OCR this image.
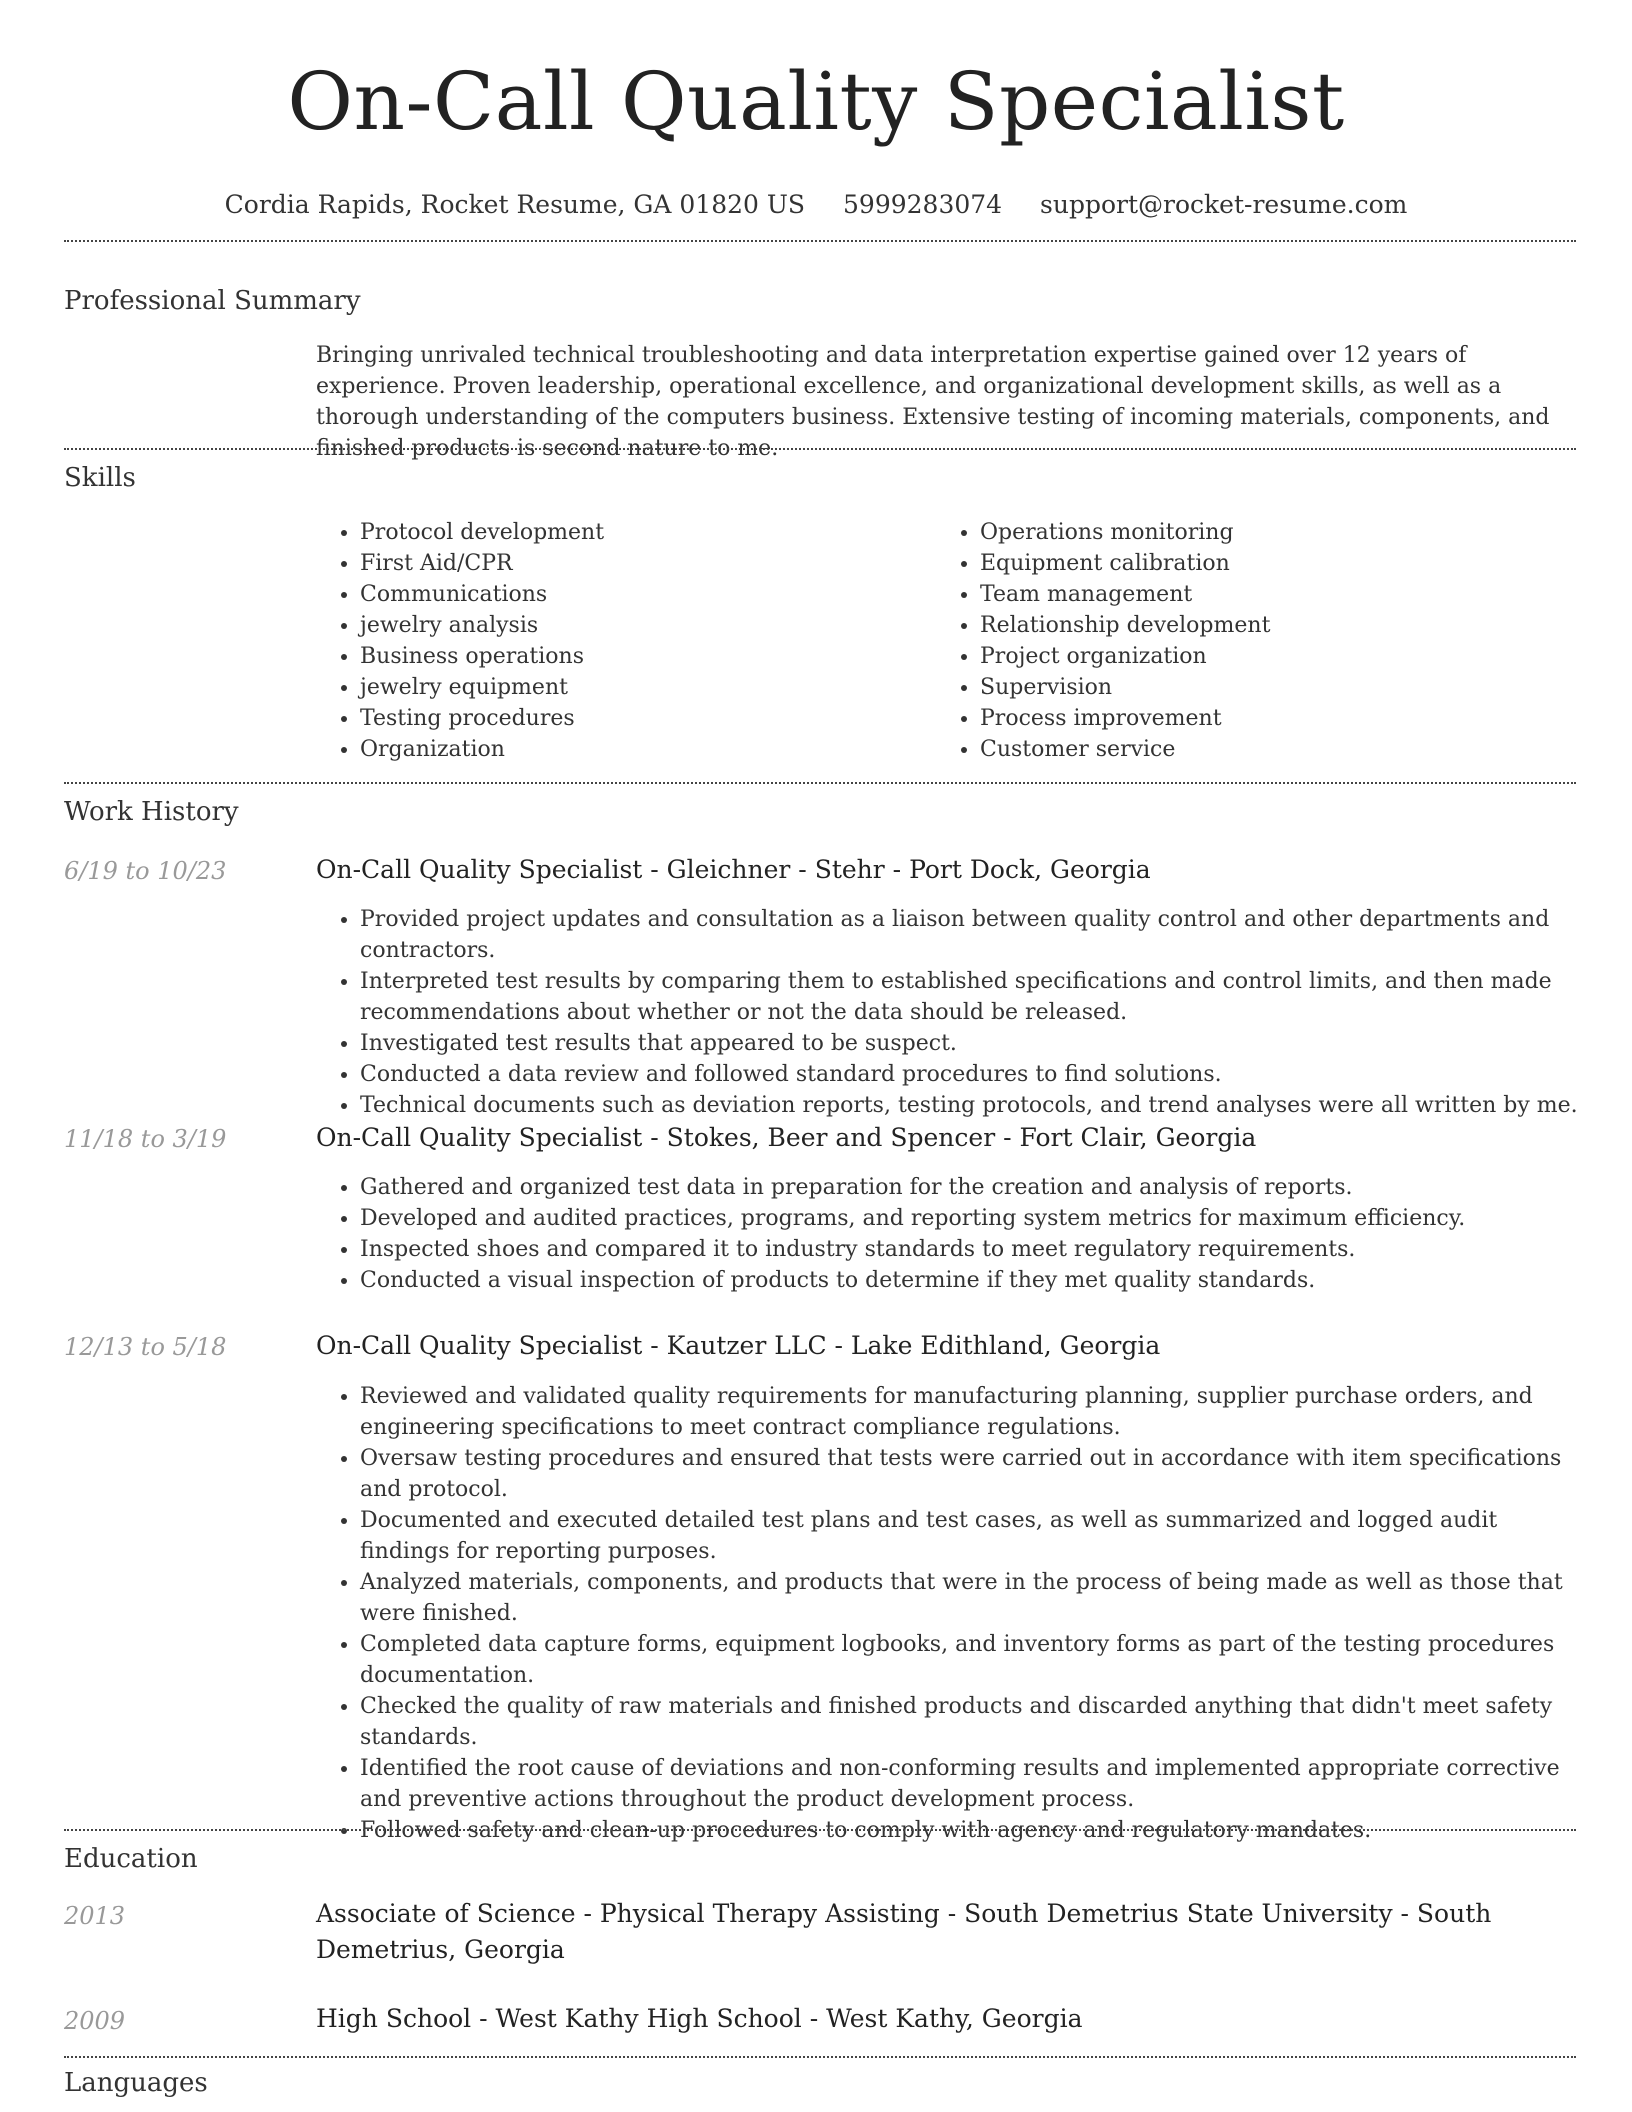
On-Call Quality Specialist
Cordia Rapids, Rocket Resume, GA 01820 US 5999283074 support@rocket-resume.com
Professional Summary

Bringing unrivaled technical troubleshooting and data interpretation expertise gained over 12 years of experience. Proven leadership, operational excellence, and organizational development skills, as well as a thorough understanding of the computers business. Extensive testing of incoming materials, components, and finished products is second nature to me.

Skills
• Protocol development
• First Aid/CPR
• Communications
• jewelry analysis
• Business operations
• jewelry equipment
• Testing procedures
• Organization
• Operations monitoring
• Equipment calibration
• Team management
• Relationship development
• Project organization
• Supervision
• Process improvement
• Customer service
Work History
6/19 to 10/23	On-Call Quality Specialist - Gleichner - Stehr - Port Dock, Georgia
• Provided project updates and consultation as a liaison between quality control and other departments and contractors.
• Interpreted test results by comparing them to established specifications and control limits, and then made recommendations about whether or not the data should be released.
• Investigated test results that appeared to be suspect.
• Conducted a data review and followed standard procedures to find solutions.
• Technical documents such as deviation reports, testing protocols, and trend analyses were all written by me.
11/18 to 3/19	On-Call Quality Specialist - Stokes, Beer and Spencer - Fort Clair, Georgia
• Gathered and organized test data in preparation for the creation and analysis of reports.
• Developed and audited practices, programs, and reporting system metrics for maximum efficiency.
• Inspected shoes and compared it to industry standards to meet regulatory requirements.
• Conducted a visual inspection of products to determine if they met quality standards.
12/13 to 5/18	On-Call Quality Specialist - Kautzer LLC - Lake Edithland, Georgia
• Reviewed and validated quality requirements for manufacturing planning, supplier purchase orders, and engineering specifications to meet contract compliance regulations.
• Oversaw testing procedures and ensured that tests were carried out in accordance with item specifications and protocol.
• Documented and executed detailed test plans and test cases, as well as summarized and logged audit findings for reporting purposes.
• Analyzed materials, components, and products that were in the process of being made as well as those that were finished.
• Completed data capture forms, equipment logbooks, and inventory forms as part of the testing procedures documentation.
• Checked the quality of raw materials and finished products and discarded anything that didn't meet safety standards.
• Identified the root cause of deviations and non-conforming results and implemented appropriate corrective and preventive actions throughout the product development process.
• Followed safety and clean-up procedures to comply with agency and regulatory mandates.
Education
2013	Associate of Science - Physical Therapy Assisting - South Demetrius State University - South Demetrius, Georgia
2009	High School - West Kathy High School - West Kathy, Georgia
Languages
